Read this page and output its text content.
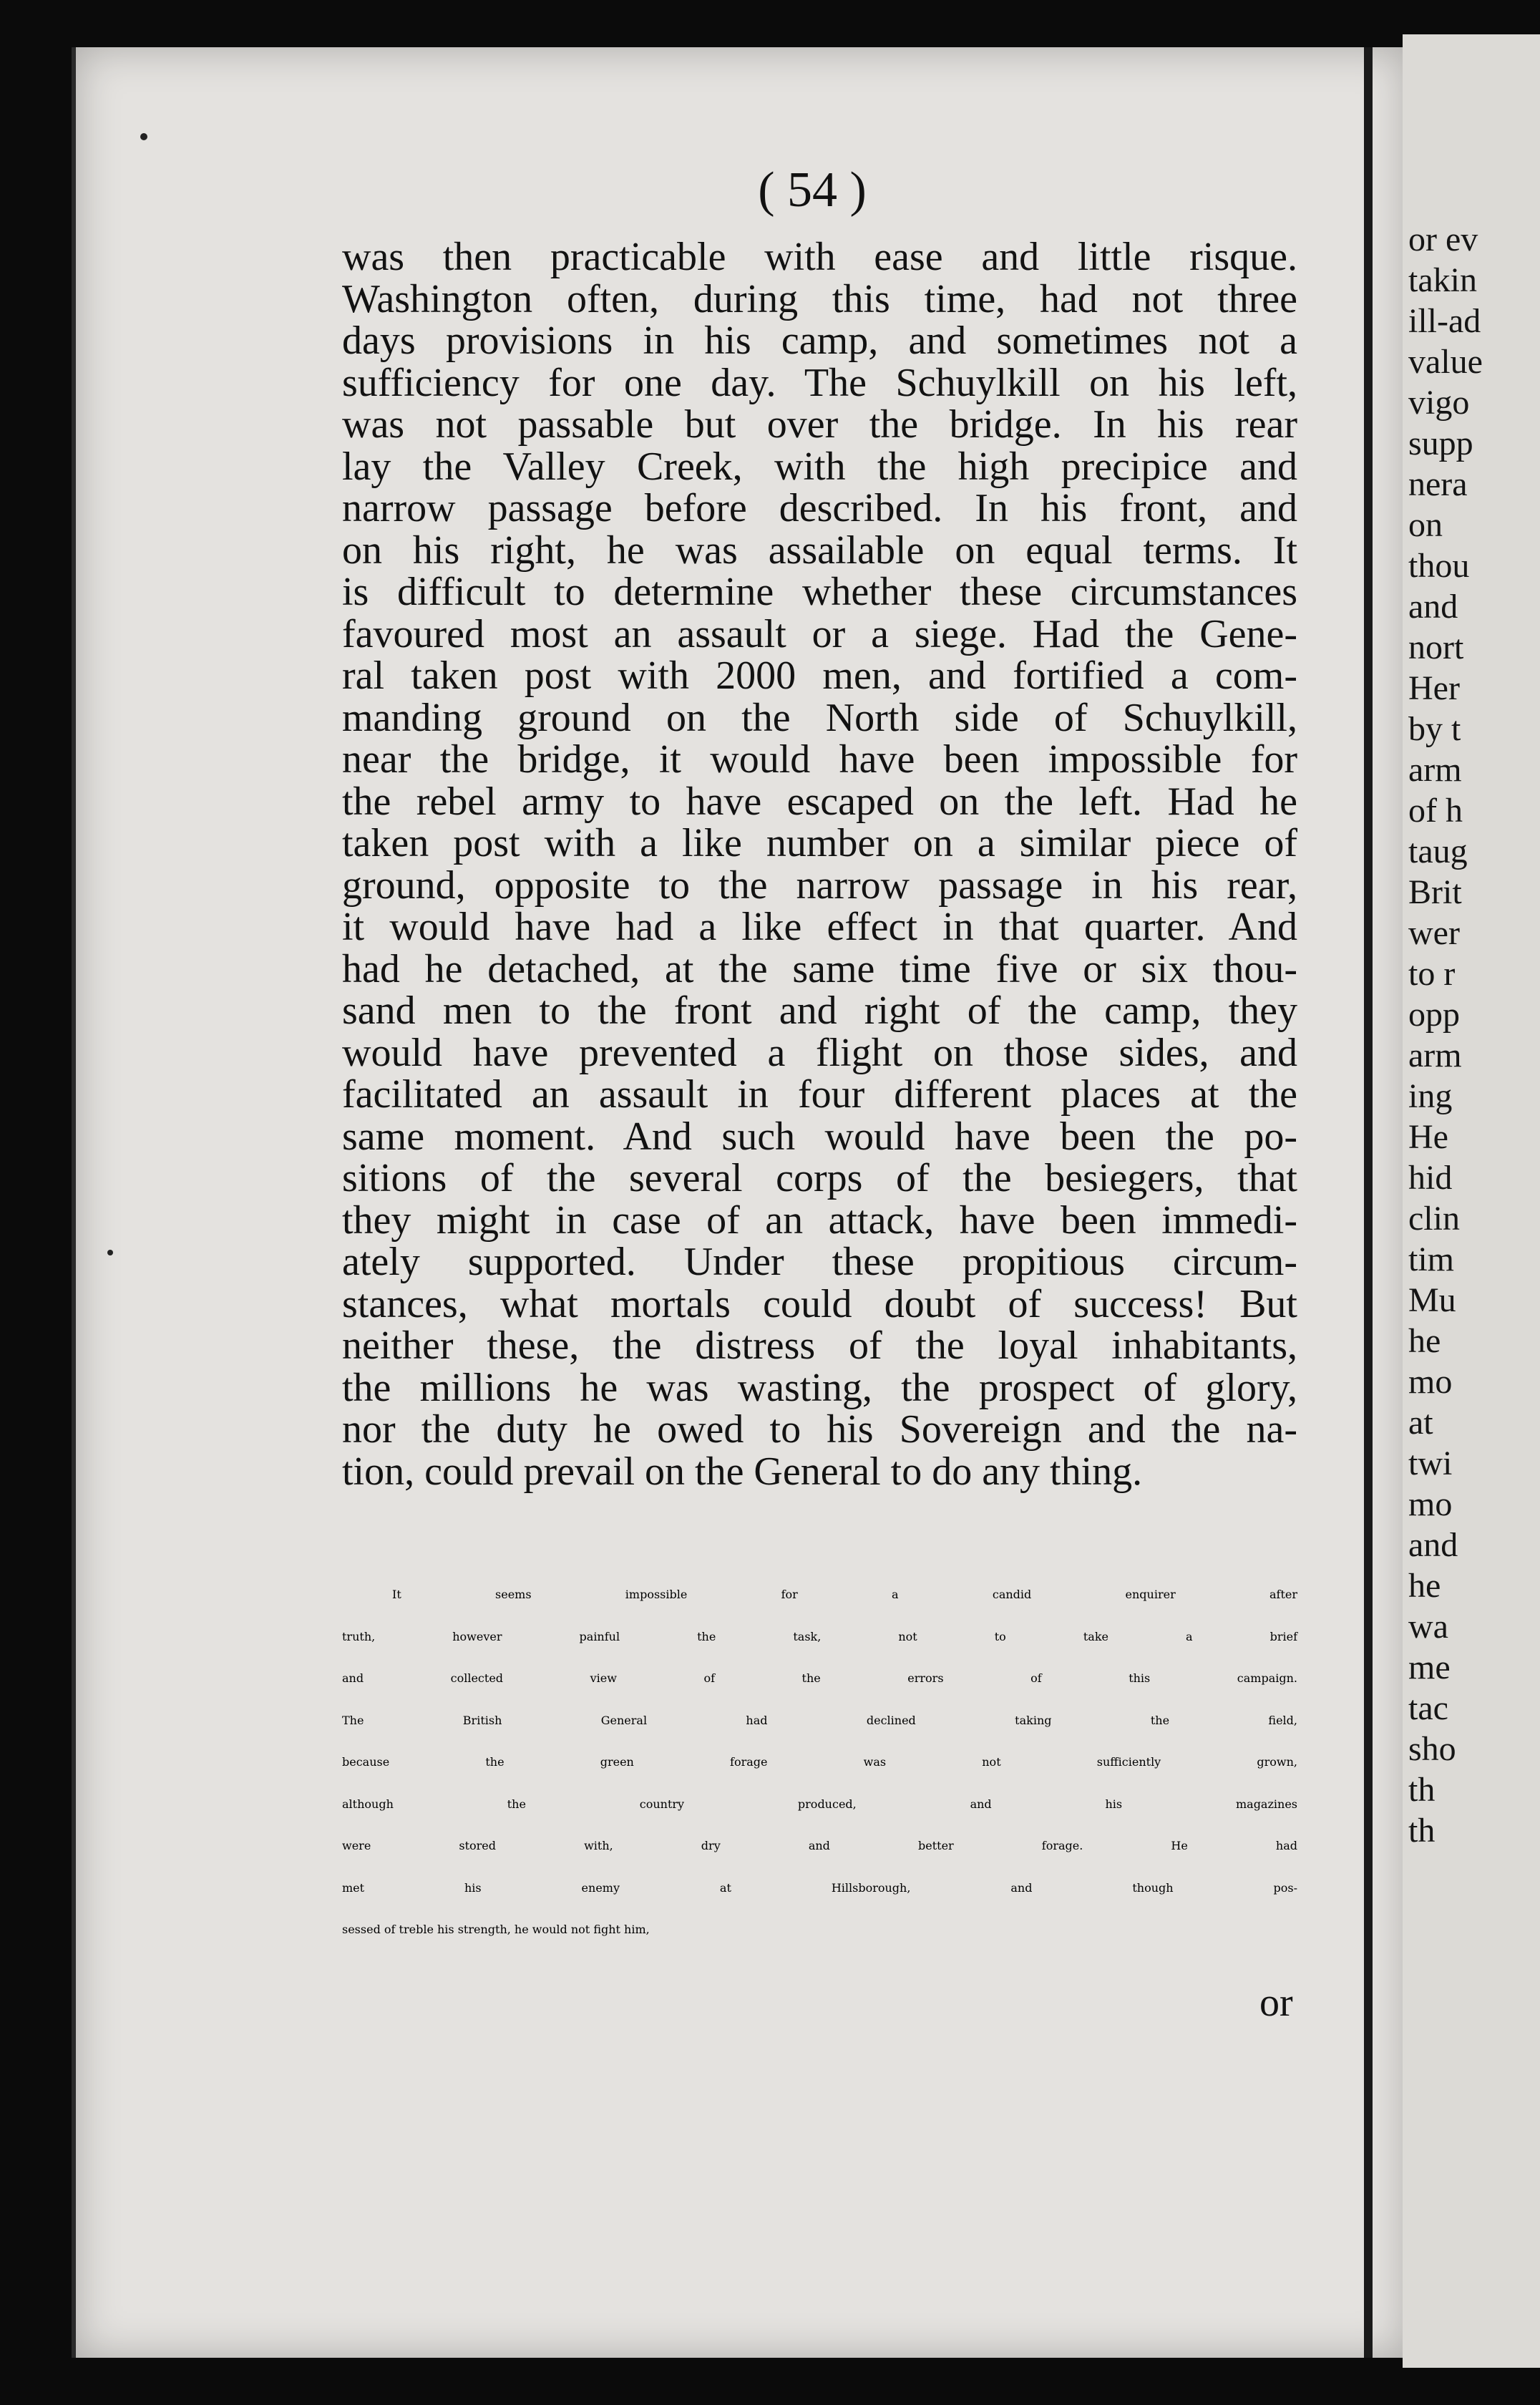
or ev
takin
ill-ad
value
vigo
supp
nera
on
thou
and
nort
Her
by t
arm
of h
taug
Brit
wer
to r
opp
arm
ing
He
hid
clin
tim
Mu
he
mo
at
twi
mo
and
he
wa
me
tac
sho
th
th
( 54 )
was then practicable with ease and little risque.
Washington often, during this time, had not three
days provisions in his camp, and sometimes not a
sufficiency for one day. The Schuylkill on his left,
was not passable but over the bridge. In his rear
lay the Valley Creek, with the high precipice and
narrow passage before described. In his front, and
on his right, he was assailable on equal terms. It
is difficult to determine whether these circumstances
favoured most an assault or a siege. Had the Gene-
ral taken post with 2000 men, and fortified a com-
manding ground on the North side of Schuylkill,
near the bridge, it would have been impossible for
the rebel army to have escaped on the left. Had he
taken post with a like number on a similar piece of
ground, opposite to the narrow passage in his rear,
it would have had a like effect in that quarter. And
had he detached, at the same time five or six thou-
sand men to the front and right of the camp, they
would have prevented a flight on those sides, and
facilitated an assault in four different places at the
same moment. And such would have been the po-
sitions of the several corps of the besiegers, that
they might in case of an attack, have been immedi-
ately supported. Under these propitious circum-
stances, what mortals could doubt of success! But
neither these, the distress of the loyal inhabitants,
the millions he was wasting, the prospect of glory,
nor the duty he owed to his Sovereign and the na-
tion, could prevail on the General to do any thing.
It seems impossible for a candid enquirer after
truth, however painful the task, not to take a brief
and collected view of the errors of this campaign.
The British General had declined taking the field,
because the green forage was not sufficiently grown,
although the country produced, and his magazines
were stored with, dry and better forage. He had
met his enemy at Hillsborough, and though pos-
sessed of treble his strength, he would not fight him,
or
